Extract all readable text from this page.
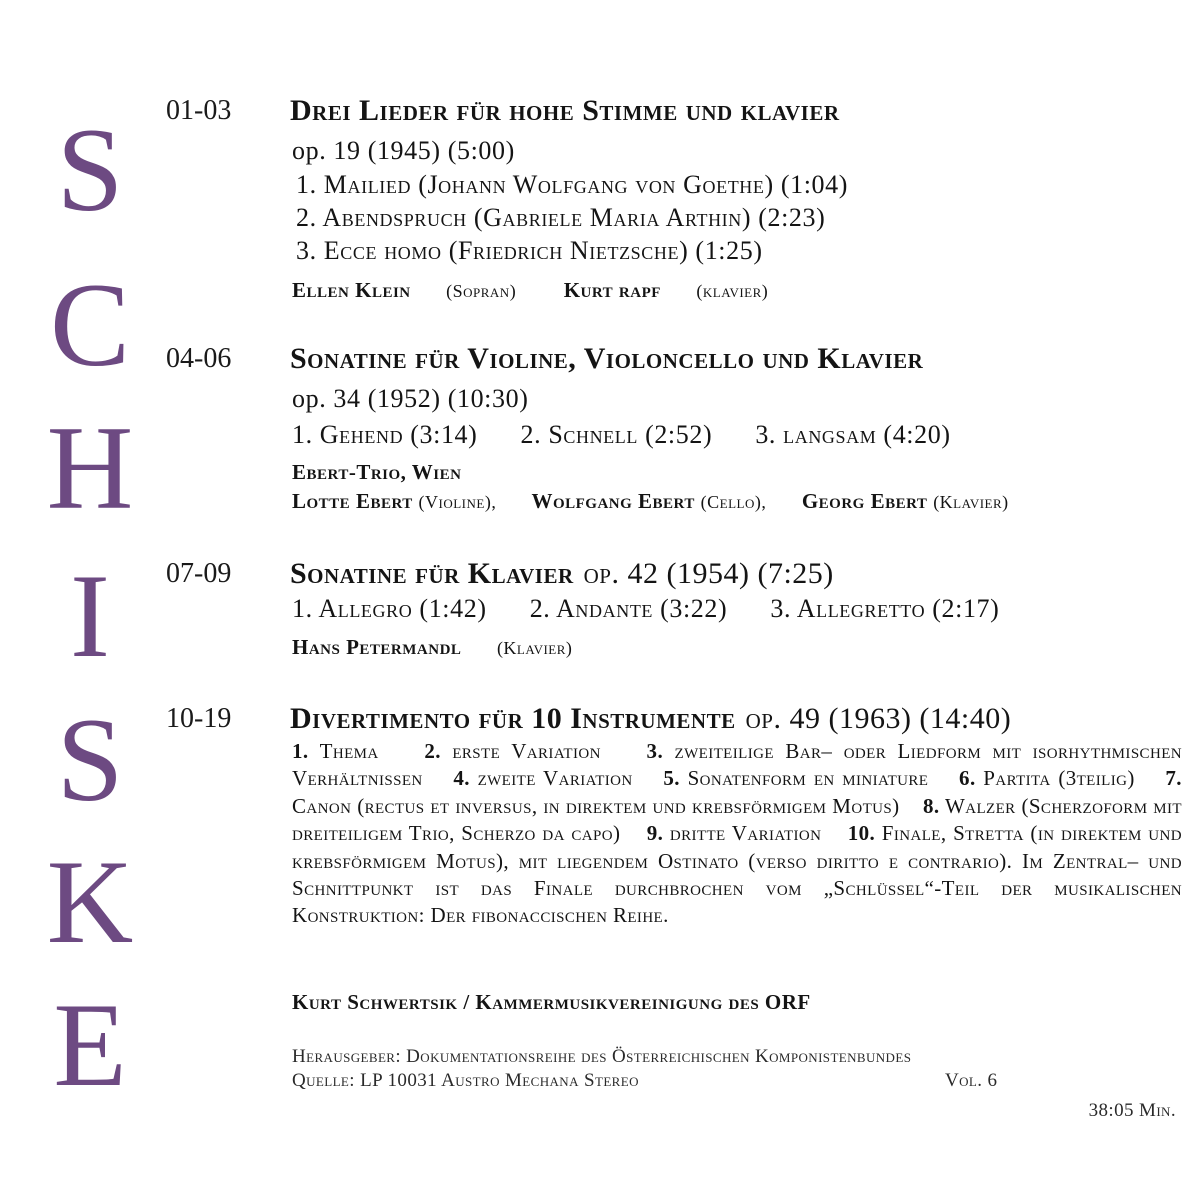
S
C
H
I
S
K
E
01-03 Drei Lieder für hohe Stimme und klavier
op. 19 (1945) (5:00)
1. Mailied (Johann Wolfgang von Goethe) (1:04)
2. Abendspruch (Gabriele Maria Arthin) (2:23)
3. Ecce homo (Friedrich Nietzsche) (1:25)
Ellen Klein (Sopran) Kurt rapf (klavier)
04-06 Sonatine für Violine, Violoncello und Klavier
op. 34 (1952) (10:30)
1. Gehend (3:14) 2. Schnell (2:52) 3. langsam (4:20)
Ebert-Trio, Wien
Lotte Ebert (Violine), Wolfgang Ebert (Cello), Georg Ebert (Klavier)
07-09 Sonatine für Klavier op. 42 (1954) (7:25)
1. Allegro (1:42) 2. Andante (3:22) 3. Allegretto (2:17)
Hans Petermandl (Klavier)
10-19 Divertimento für 10 Instrumente op. 49 (1963) (14:40)
1. Thema 2. erste Variation 3. zweiteilige Bar– oder Liedform mit isorhythmischen Verhältnissen 4. zweite Variation 5. Sonatenform en miniature 6. Partita (3teilig) 7. Canon (rectus et inversus, in direktem und krebsförmigem Motus) 8. Walzer (Scherzoform mit dreiteiligem Trio, Scherzo da capo) 9. dritte Variation 10. Finale, Stretta (in direktem und krebsförmigem Motus), mit liegendem Ostinato (verso diritto e contrario). Im Zentral– und Schnittpunkt ist das Finale durchbrochen vom „Schlüssel“-Teil der musikalischen Konstruktion: Der fibonaccischen Reihe.
Kurt Schwertsik / Kammermusikvereinigung des ORF
Herausgeber: Dokumentationsreihe des Österreichischen Komponistenbundes
Quelle: LP 10031 Austro Mechana Stereo	Vol. 6
38:05 Min.
